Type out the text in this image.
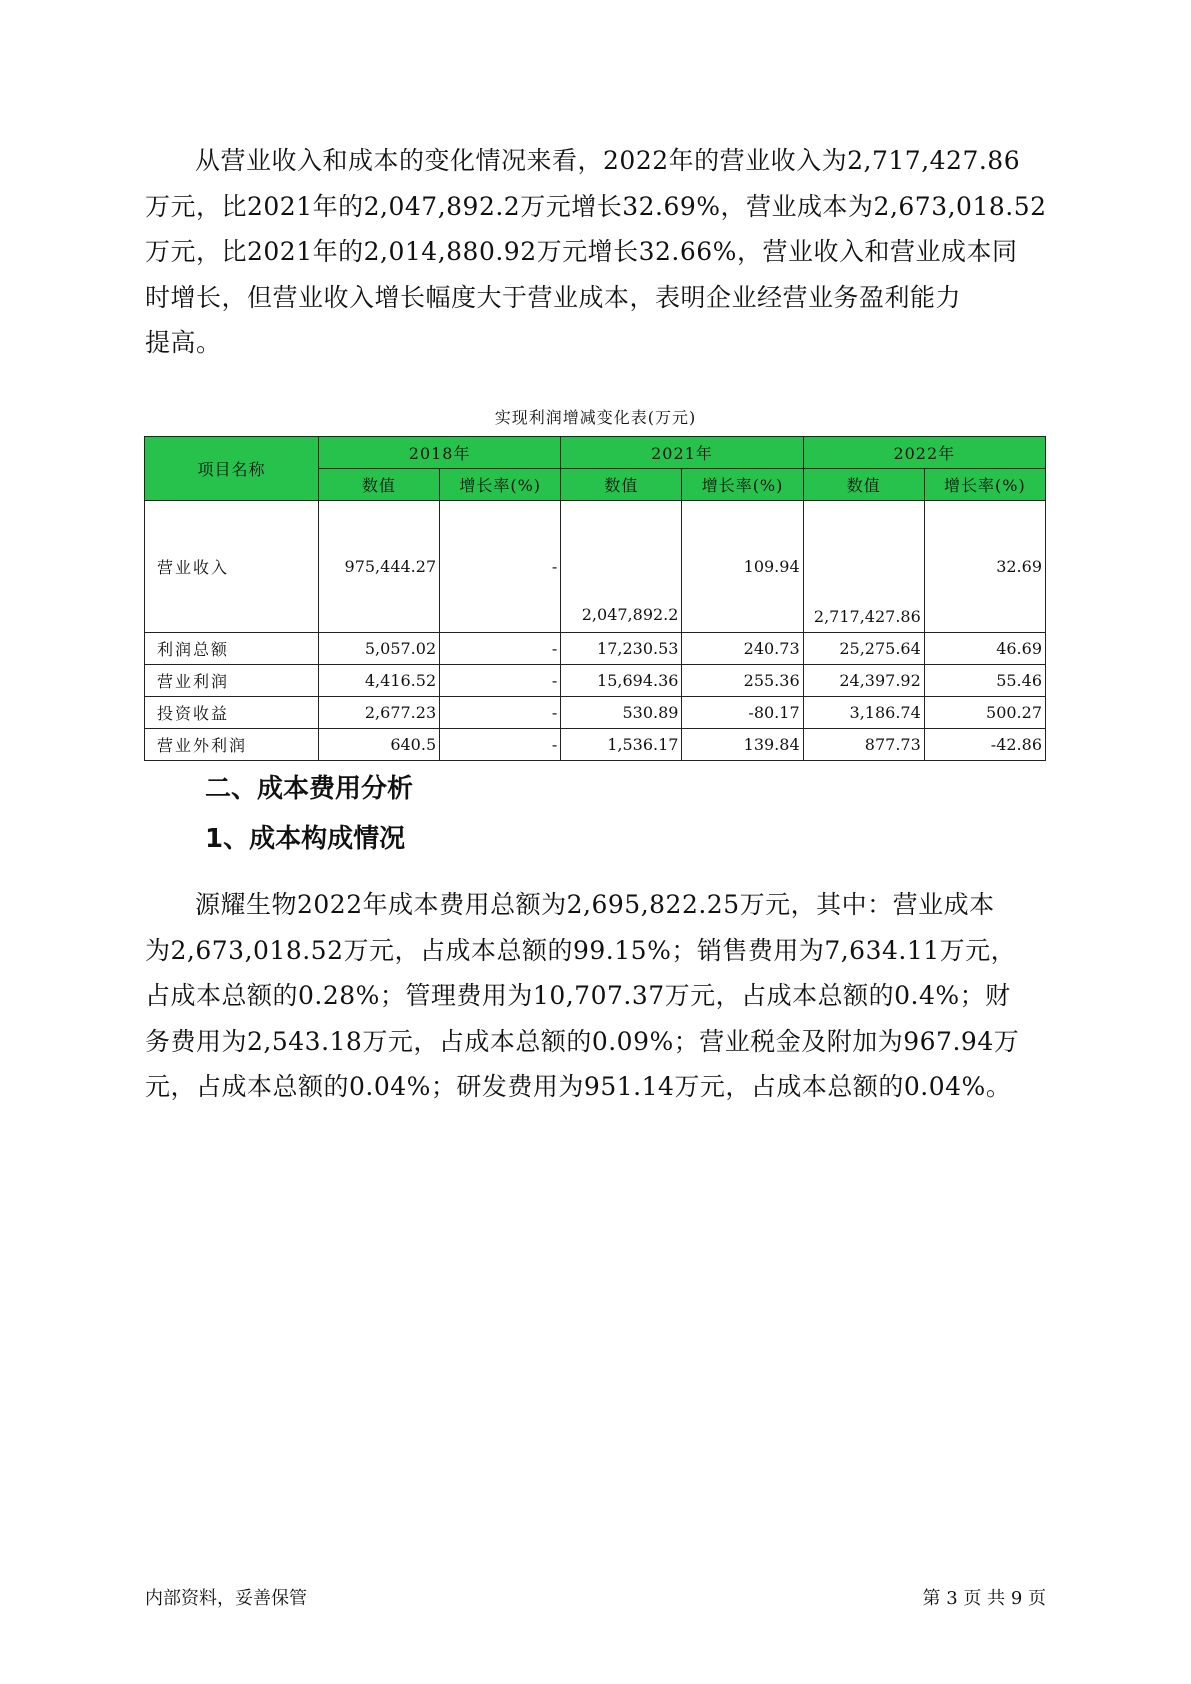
从营业收入和成本的变化情况来看，2022年的营业收入为2,717,427.86
万元，比2021年的2,047,892.2万元增长32.69%，营业成本为2,673,018.52
万元，比2021年的2,014,880.92万元增长32.66%，营业收入和营业成本同
时增长，但营业收入增长幅度大于营业成本，表明企业经营业务盈利能力
提高。
实现利润增减变化表(万元)
项目名称	2018年		2021年		2022年	
	数值	增长率(%)	数值	增长率(%)	数值	增长率(%)
营业收入	975,444.27	-	2,047,892.2	109.94	2,717,427.86	32.69
利润总额	5,057.02	-	17,230.53	240.73	25,275.64	46.69
营业利润	4,416.52	-	15,694.36	255.36	24,397.92	55.46
投资收益	2,677.23	-	530.89	-80.17	3,186.74	500.27
营业外利润	640.5	-	1,536.17	139.84	877.73	-42.86
二、成本费用分析
1、成本构成情况
源耀生物2022年成本费用总额为2,695,822.25万元，其中：营业成本
为2,673,018.52万元，占成本总额的99.15%；销售费用为7,634.11万元，
占成本总额的0.28%；管理费用为10,707.37万元，占成本总额的0.4%；财
务费用为2,543.18万元，占成本总额的0.09%；营业税金及附加为967.94万
元，占成本总额的0.04%；研发费用为951.14万元，占成本总额的0.04%。
内部资料，妥善保管	第 3 页 共 9 页
